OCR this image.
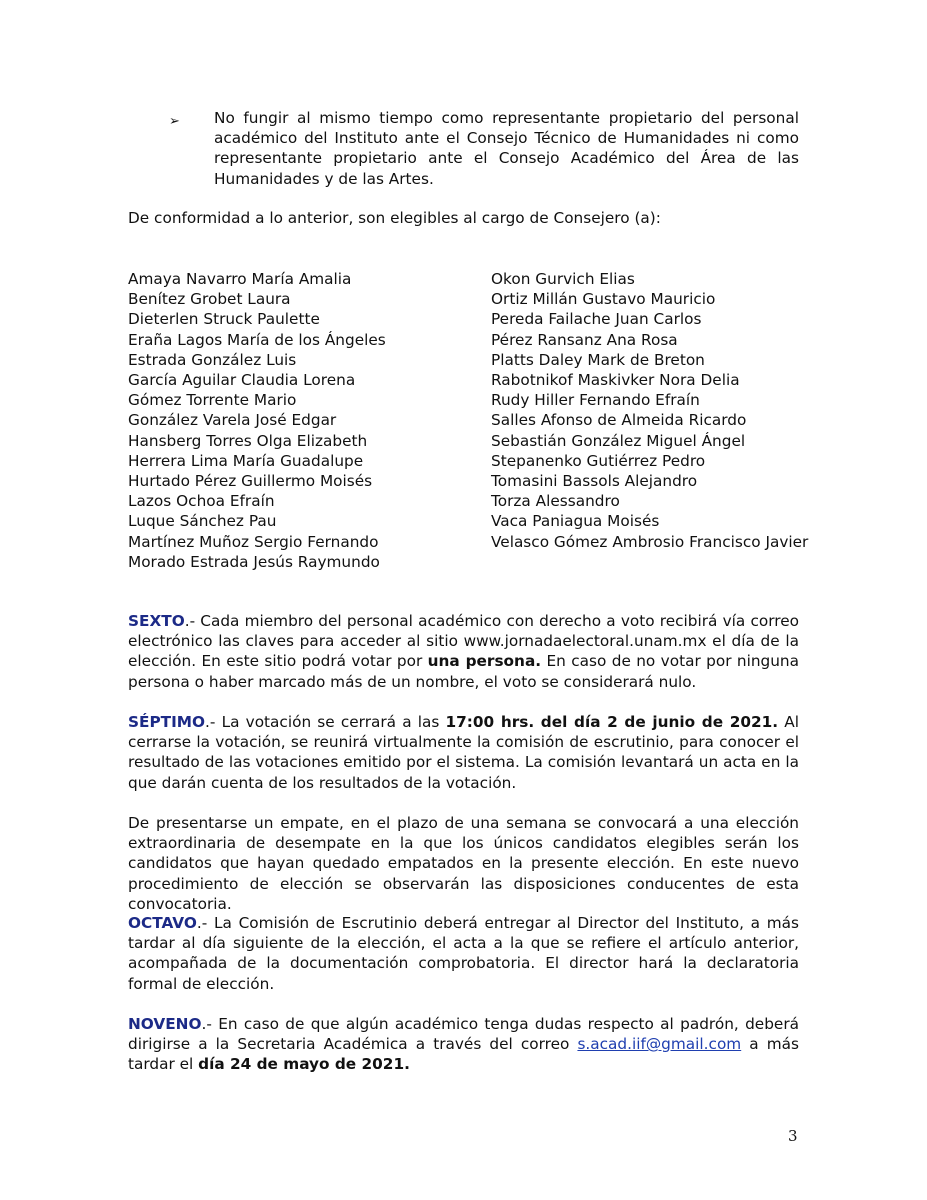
➢	No fungir al mismo tiempo como representante propietario del personal académico del Instituto ante el Consejo Técnico de Humanidades ni como representante propietario ante el Consejo Académico del Área de las Humanidades y de las Artes.
De conformidad a lo anterior, son elegibles al cargo de Consejero (a):
Amaya Navarro María Amalia
Benítez Grobet Laura
Dieterlen Struck Paulette
Eraña Lagos María de los Ángeles
Estrada González Luis
García Aguilar Claudia Lorena
Gómez Torrente Mario
González Varela José Edgar
Hansberg Torres Olga Elizabeth
Herrera Lima María Guadalupe
Hurtado Pérez Guillermo Moisés
Lazos Ochoa Efraín
Luque Sánchez Pau
Martínez Muñoz Sergio Fernando
Morado Estrada Jesús Raymundo
Okon Gurvich Elias
Ortiz Millán Gustavo Mauricio
Pereda Failache Juan Carlos
Pérez Ransanz Ana Rosa
Platts Daley Mark de Breton
Rabotnikof Maskivker Nora Delia
Rudy Hiller Fernando Efraín
Salles Afonso de Almeida Ricardo
Sebastián González Miguel Ángel
Stepanenko Gutiérrez Pedro
Tomasini Bassols Alejandro
Torza Alessandro
Vaca Paniagua Moisés
Velasco Gómez Ambrosio Francisco Javier
SEXTO.- Cada miembro del personal académico con derecho a voto recibirá vía correo electrónico las claves para acceder al sitio www.jornadaelectoral.unam.mx el día de la elección. En este sitio podrá votar por una persona. En caso de no votar por ninguna persona o haber marcado más de un nombre, el voto se considerará nulo.
SÉPTIMO.- La votación se cerrará a las 17:00 hrs. del día 2 de junio de 2021. Al cerrarse la votación, se reunirá virtualmente la comisión de escrutinio, para conocer el resultado de las votaciones emitido por el sistema. La comisión levantará un acta en la que darán cuenta de los resultados de la votación.
De presentarse un empate, en el plazo de una semana se convocará a una elección extraordinaria de desempate en la que los únicos candidatos elegibles serán los candidatos que hayan quedado empatados en la presente elección. En este nuevo procedimiento de elección se observarán las disposiciones conducentes de esta convocatoria.
OCTAVO.- La Comisión de Escrutinio deberá entregar al Director del Instituto, a más tardar al día siguiente de la elección, el acta a la que se refiere el artículo anterior, acompañada de la documentación comprobatoria. El director hará la declaratoria formal de elección.
NOVENO.- En caso de que algún académico tenga dudas respecto al padrón, deberá dirigirse a la Secretaria Académica a través del correo s.acad.iif@gmail.com a más tardar el día 24 de mayo de 2021.
3
